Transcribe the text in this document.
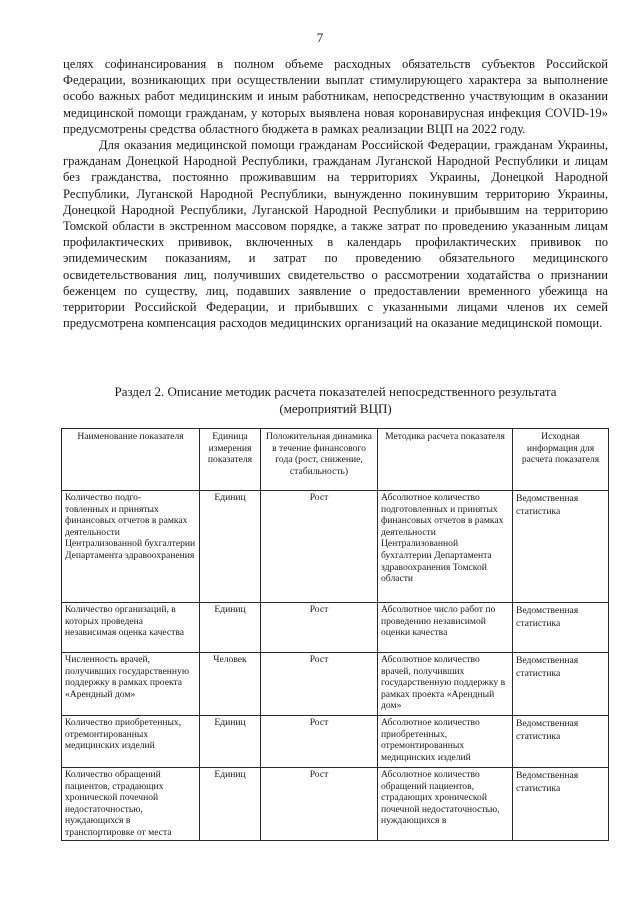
7

целях софинансирования в полном объеме расходных обязательств субъектов Российской Федерации, возникающих при осуществлении выплат стимулирующего характера за выполнение особо важных работ медицинским и иным работникам, непосредственно участвующим в оказании медицинской помощи гражданам, у которых выявлена новая коронавирусная инфекция COVID-19» предусмотрены средства областного бюджета в рамках реализации ВЦП на 2022 году.

Для оказания медицинской помощи гражданам Российской Федерации, гражданам Украины, гражданам Донецкой Народной Республики, гражданам Луганской Народной Республики и лицам без гражданства, постоянно проживавшим на территориях Украины, Донецкой Народной Республики, Луганской Народной Республики, вынужденно покинувшим территорию Украины, Донецкой Народной Республики, Луганской Народной Республики и прибывшим на территорию Томской области в экстренном массовом порядке, а также затрат по проведению указанным лицам профилактических прививок, включенных в календарь профилактических прививок по эпидемическим показаниям, и затрат по проведению обязательного медицинского освидетельствования лиц, получивших свидетельство о рассмотрении ходатайства о признании беженцем по существу, лиц, подавших заявление о предоставлении временного убежища на территории Российской Федерации, и прибывших с указанными лицами членов их семей предусмотрена компенсация расходов медицинских организаций на оказание медицинской помощи.

Раздел 2. Описание методик расчета показателей непосредственного результата
(мероприятий ВЦП)
Наименование показателя	Единица измерения показателя	Положительная динамика в течение финансового года (рост, снижение, стабильность)	Методика расчета показателя	Исходная информация для расчета показателя
Количество подго-
товленных и принятых финансовых отчетов в рамках деятельности Централизованной бухгалтерии Департамента здравоохранения	Единиц	Рост	Абсолютное количество подготовленных и принятых финансовых отчетов в рамках деятельности Централизованной бухгалтерии Департамента здравоохранения Томской области	Ведомственная статистика
Количество организаций, в которых проведена независимая оценка качества	Единиц	Рост	Абсолютное число работ по проведению независимой оценки качества	Ведомственная статистика
Численность врачей, получивших государственную поддержку в рамках проекта «Арендный дом»	Человек	Рост	Абсолютное количество врачей, получивших государственную поддержку в рамках проекта «Арендный дом»	Ведомственная статистика
Количество приобретенных, отремонтированных медицинских изделий	Единиц	Рост	Абсолютное количество приобретенных, отремонтированных медицинских изделий	Ведомственная статистика
Количество обращений пациентов, страдающих хронической почечной недостаточностью, нуждающихся в транспортировке от места	Единиц	Рост	Абсолютное количество обращений пациентов, страдающих хронической почечной недостаточностью, нуждающихся в	Ведомственная статистика
